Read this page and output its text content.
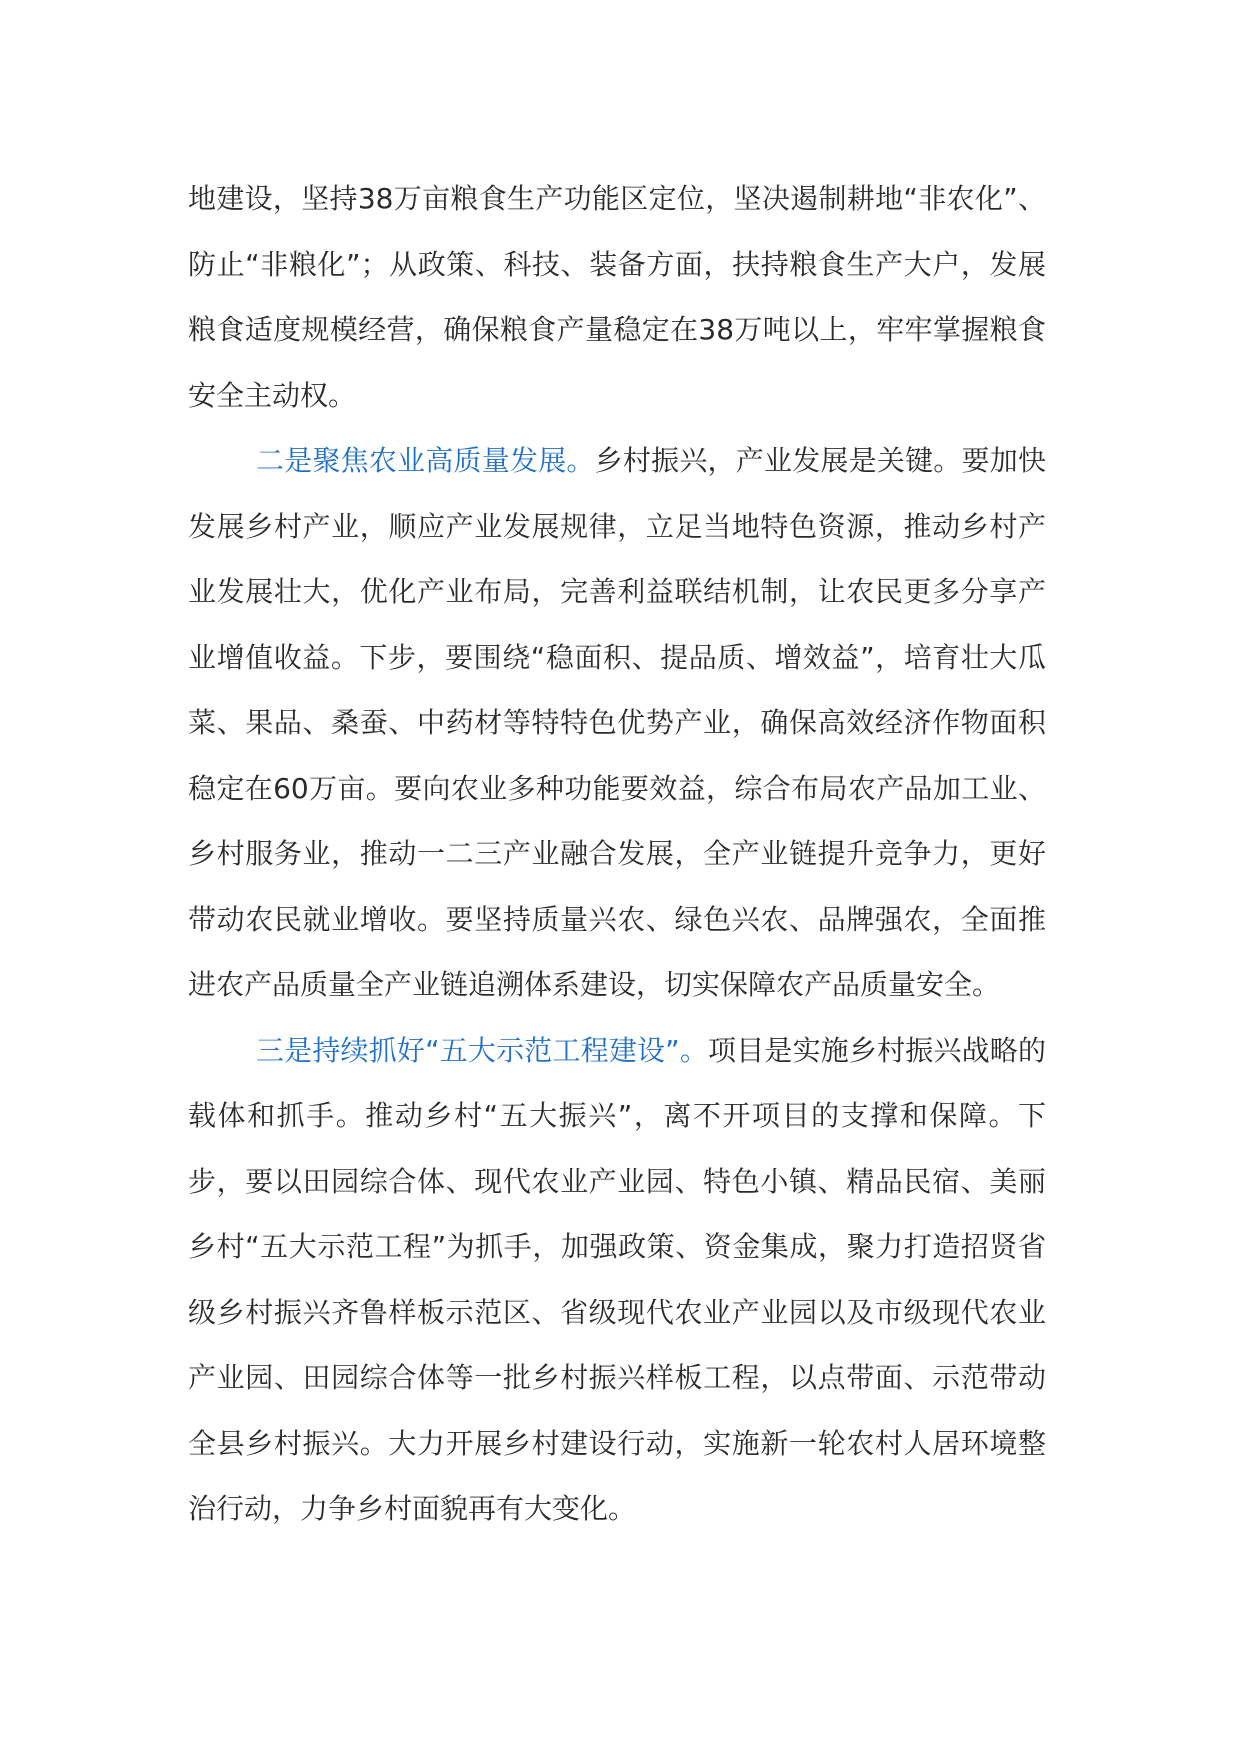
地建设，坚持38万亩粮食生产功能区定位，坚决遏制耕地“非农化”、防止“非粮化”；从政策、科技、装备方面，扶持粮食生产大户，发展粮食适度规模经营，确保粮食产量稳定在38万吨以上，牢牢掌握粮食安全主动权。

二是聚焦农业高质量发展。乡村振兴，产业发展是关键。要加快发展乡村产业，顺应产业发展规律，立足当地特色资源，推动乡村产业发展壮大，优化产业布局，完善利益联结机制，让农民更多分享产业增值收益。下步，要围绕“稳面积、提品质、增效益”，培育壮大瓜菜、果品、桑蚕、中药材等特特色优势产业，确保高效经济作物面积稳定在60万亩。要向农业多种功能要效益，综合布局农产品加工业、乡村服务业，推动一二三产业融合发展，全产业链提升竞争力，更好带动农民就业增收。要坚持质量兴农、绿色兴农、品牌强农，全面推进农产品质量全产业链追溯体系建设，切实保障农产品质量安全。

三是持续抓好“五大示范工程建设”。项目是实施乡村振兴战略的载体和抓手。推动乡村“五大振兴”，离不开项目的支撑和保障。下步，要以田园综合体、现代农业产业园、特色小镇、精品民宿、美丽乡村“五大示范工程”为抓手，加强政策、资金集成，聚力打造招贤省级乡村振兴齐鲁样板示范区、省级现代农业产业园以及市级现代农业产业园、田园综合体等一批乡村振兴样板工程，以点带面、示范带动全县乡村振兴。大力开展乡村建设行动，实施新一轮农村人居环境整治行动，力争乡村面貌再有大变化。
